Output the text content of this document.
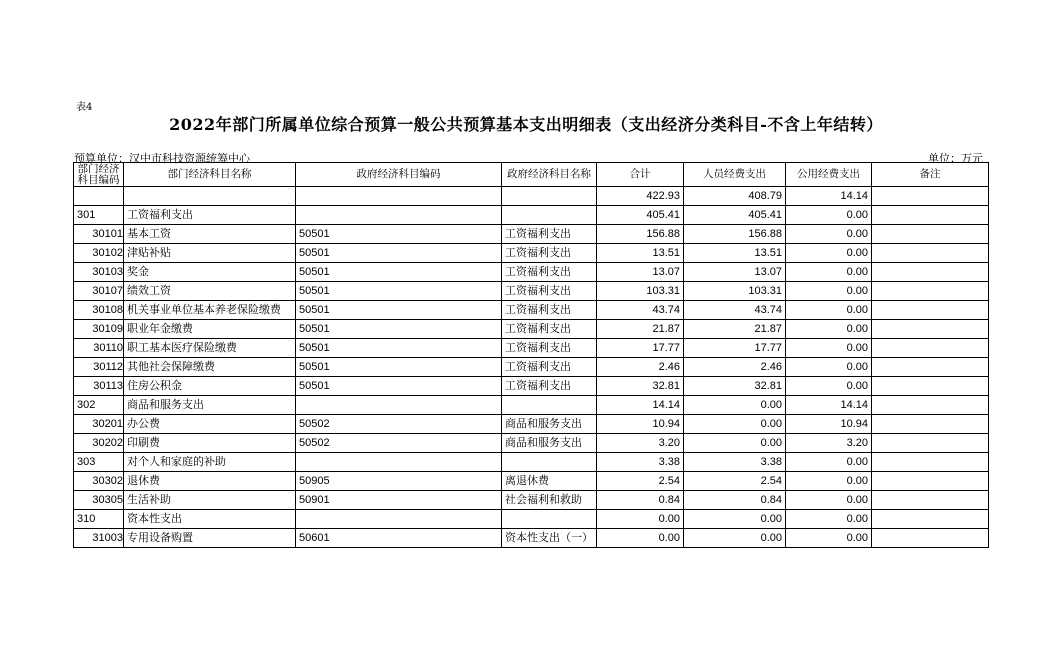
表4
2022年部门所属单位综合预算一般公共预算基本支出明细表（支出经济分类科目-不含上年结转）
预算单位：汉中市科技资源统筹中心	单位：万元
部门经济科目编码	部门经济科目名称	政府经济科目编码	政府经济科目名称	合计	人员经费支出	公用经费支出	备注
				422.93	408.79	14.14	
301	工资福利支出			405.41	405.41	0.00	
30101	基本工资	50501	工资福利支出	156.88	156.88	0.00	
30102	津贴补贴	50501	工资福利支出	13.51	13.51	0.00	
30103	奖金	50501	工资福利支出	13.07	13.07	0.00	
30107	绩效工资	50501	工资福利支出	103.31	103.31	0.00	
30108	机关事业单位基本养老保险缴费	50501	工资福利支出	43.74	43.74	0.00	
30109	职业年金缴费	50501	工资福利支出	21.87	21.87	0.00	
30110	职工基本医疗保险缴费	50501	工资福利支出	17.77	17.77	0.00	
30112	其他社会保障缴费	50501	工资福利支出	2.46	2.46	0.00	
30113	住房公积金	50501	工资福利支出	32.81	32.81	0.00	
302	商品和服务支出			14.14	0.00	14.14	
30201	办公费	50502	商品和服务支出	10.94	0.00	10.94	
30202	印刷费	50502	商品和服务支出	3.20	0.00	3.20	
303	对个人和家庭的补助			3.38	3.38	0.00	
30302	退休费	50905	离退休费	2.54	2.54	0.00	
30305	生活补助	50901	社会福利和救助	0.84	0.84	0.00	
310	资本性支出			0.00	0.00	0.00	
31003	专用设备购置	50601	资本性支出（一）	0.00	0.00	0.00	
